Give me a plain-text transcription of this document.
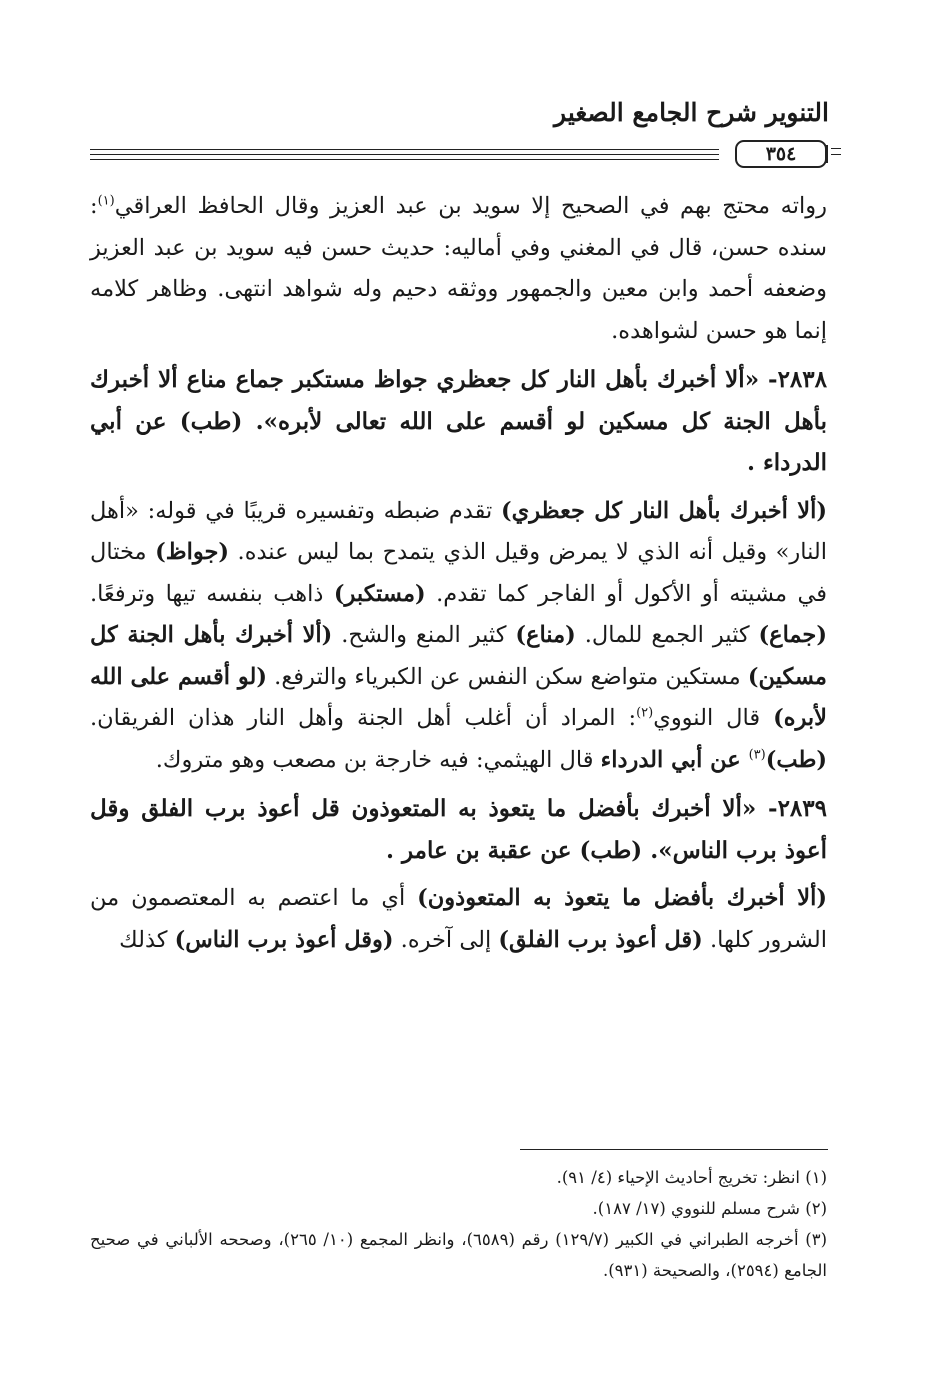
التنوير شرح الجامع الصغير
٣٥٤

رواته محتج بهم في الصحيح إلا سويد بن عبد العزيز وقال الحافظ العراقي$^{(١)}$: سنده حسن، قال في المغني وفي أماليه: حديث حسن فيه سويد بن عبد العزيز وضعفه أحمد وابن معين والجمهور ووثقه دحيم وله شواهد انتهى. وظاهر كلامه إنما هو حسن لشواهده.

٢٨٣٨- «ألا أخبرك بأهل النار كل جعظري جواظ مستكبر جماع مناع ألا أخبرك بأهل الجنة كل مسكين لو أقسم على الله تعالى لأبره». (طب) عن أبي الدرداء .

(ألا أخبرك بأهل النار كل جعظري) تقدم ضبطه وتفسيره قريبًا في قوله: «أهل النار» وقيل أنه الذي لا يمرض وقيل الذي يتمدح بما ليس عنده. (جواظ) مختال في مشيته أو الأكول أو الفاجر كما تقدم. (مستكبر) ذاهب بنفسه تيها وترفعًا. (جماع) كثير الجمع للمال. (مناع) كثير المنع والشح. (ألا أخبرك بأهل الجنة كل مسكين) مستكين متواضع سكن النفس عن الكبرياء والترفع. (لو أقسم على الله لأبره) قال النووي$^{(٢)}$: المراد أن أغلب أهل الجنة وأهل النار هذان الفريقان. (طب)$^{(٣)}$ عن أبي الدرداء قال الهيثمي: فيه خارجة بن مصعب وهو متروك.

٢٨٣٩- «ألا أخبرك بأفضل ما يتعوذ به المتعوذون قل أعوذ برب الفلق وقل أعوذ برب الناس». (طب) عن عقبة بن عامر .

(ألا أخبرك بأفضل ما يتعوذ به المتعوذون) أي ما اعتصم به المعتصمون من الشرور كلها. (قل أعوذ برب الفلق) إلى آخره. (وقل أعوذ برب الناس) كذلك

(١) انظر: تخريج أحاديث الإحياء (٤/ ٩١).

(٢) شرح مسلم للنووي (١٧/ ١٨٧).

(٣) أخرجه الطبراني في الكبير (١٢٩/٧) رقم (٦٥٨٩)، وانظر المجمع (١٠/ ٢٦٥)، وصححه الألباني في صحيح الجامع (٢٥٩٤)، والصحيحة (٩٣١).
